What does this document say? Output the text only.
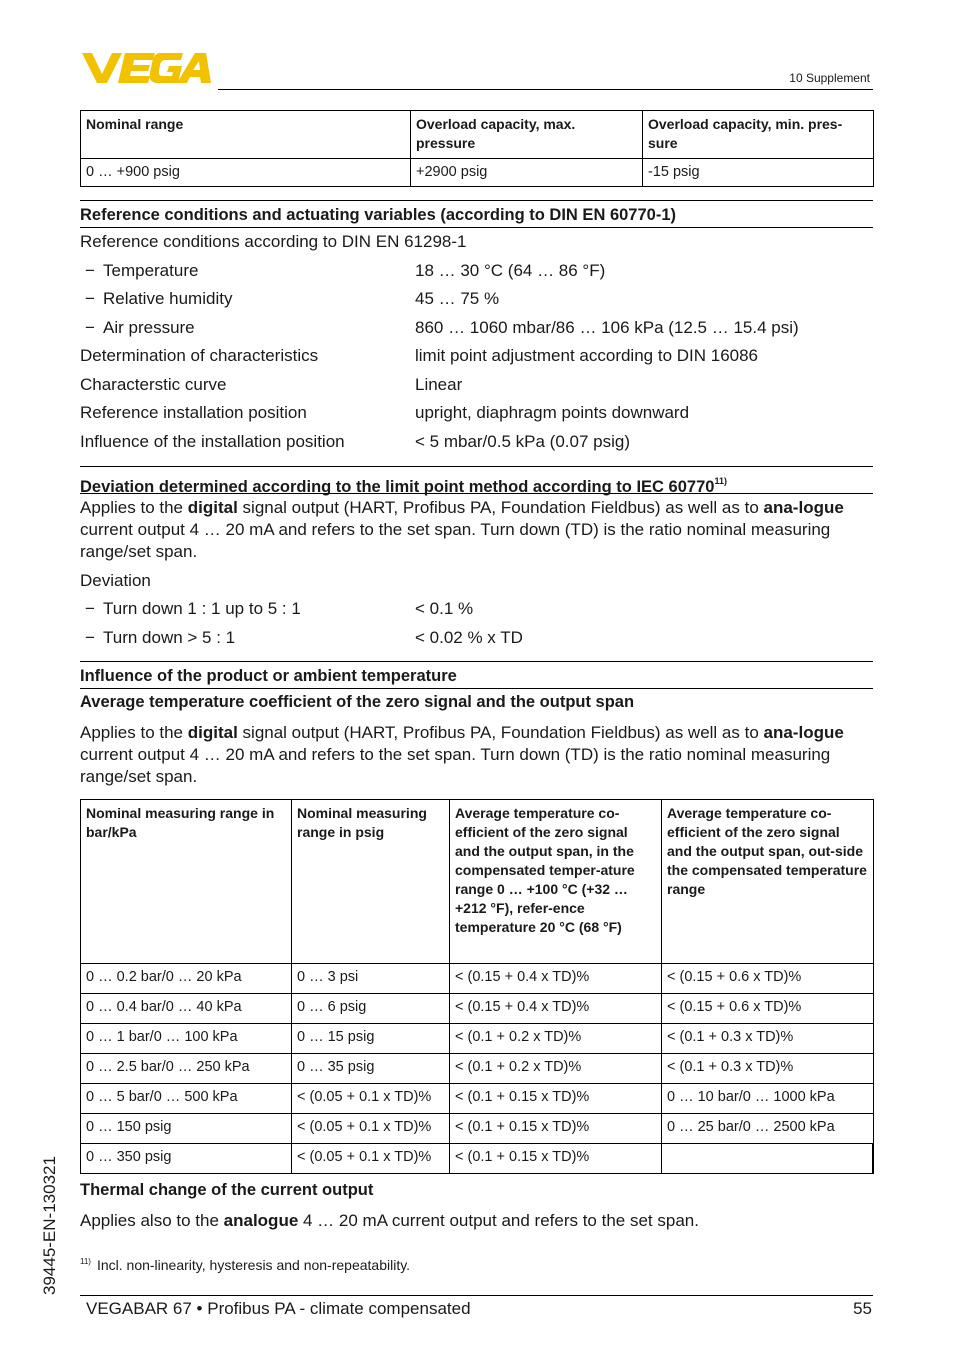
10 Supplement
Nominal range	Overload capacity, max. pressure	Overload capacity, min. pres-sure
0 … +900 psig	+2900 psig	-15 psig
Reference conditions and actuating variables (according to DIN EN 60770-1)
Reference conditions according to DIN EN 61298-1
− Temperature	18 … 30 °C (64 … 86 °F)
− Relative humidity	45 … 75 %
− Air pressure	860 … 1060 mbar/86 … 106 kPa (12.5 … 15.4 psi)
Determination of characteristics	limit point adjustment according to DIN 16086
Characterstic curve	Linear
Reference installation position	upright, diaphragm points downward
Influence of the installation position	< 5 mbar/0.5 kPa (0.07 psig)
Deviation determined according to the limit point method according to IEC 60770$^{11)}$
Applies to the digital signal output (HART, Profibus PA, Foundation Fieldbus) as well as to ana-logue current output 4 … 20 mA and refers to the set span. Turn down (TD) is the ratio nominal measuring range/set span.
Deviation
− Turn down 1 : 1 up to 5 : 1	< 0.1 %
− Turn down > 5 : 1	< 0.02 % x TD
Influence of the product or ambient temperature
Average temperature coefficient of the zero signal and the output span
Applies to the digital signal output (HART, Profibus PA, Foundation Fieldbus) as well as to ana-logue current output 4 … 20 mA and refers to the set span. Turn down (TD) is the ratio nominal measuring range/set span.
Nominal measuring range in bar/kPa	Nominal measuring range in psig	Average temperature co-efficient of the zero signal and the output span, in the compensated temper-ature range 0 … +100 °C (+32 … +212 °F), refer-ence temperature 20 °C (68 °F)	Average temperature co-efficient of the zero signal and the output span, out-side the compensated temperature range
0 … 0.2 bar/0 … 20 kPa	0 … 3 psi	< (0.15 + 0.4 x TD)%	< (0.15 + 0.6 x TD)%
0 … 0.4 bar/0 … 40 kPa	0 … 6 psig	< (0.15 + 0.4 x TD)%	< (0.15 + 0.6 x TD)%
0 … 1 bar/0 … 100 kPa	0 … 15 psig	< (0.1 + 0.2 x TD)%	< (0.1 + 0.3 x TD)%
0 … 2.5 bar/0 … 250 kPa	0 … 35 psig	< (0.1 + 0.2 x TD)%	< (0.1 + 0.3 x TD)%
0 … 5 bar/0 … 500 kPa	< (0.05 + 0.1 x TD)%	< (0.1 + 0.15 x TD)%	0 … 10 bar/0 … 1000 kPa
0 … 150 psig	< (0.05 + 0.1 x TD)%	< (0.1 + 0.15 x TD)%	0 … 25 bar/0 … 2500 kPa
0 … 350 psig	< (0.05 + 0.1 x TD)%	< (0.1 + 0.15 x TD)%	
Thermal change of the current output
Applies also to the analogue 4 … 20 mA current output and refers to the set span.
$^{11)}$ Incl. non-linearity, hysteresis and non-repeatability.
39445-EN-130321
VEGABAR 67 • Profibus PA - climate compensated	55
